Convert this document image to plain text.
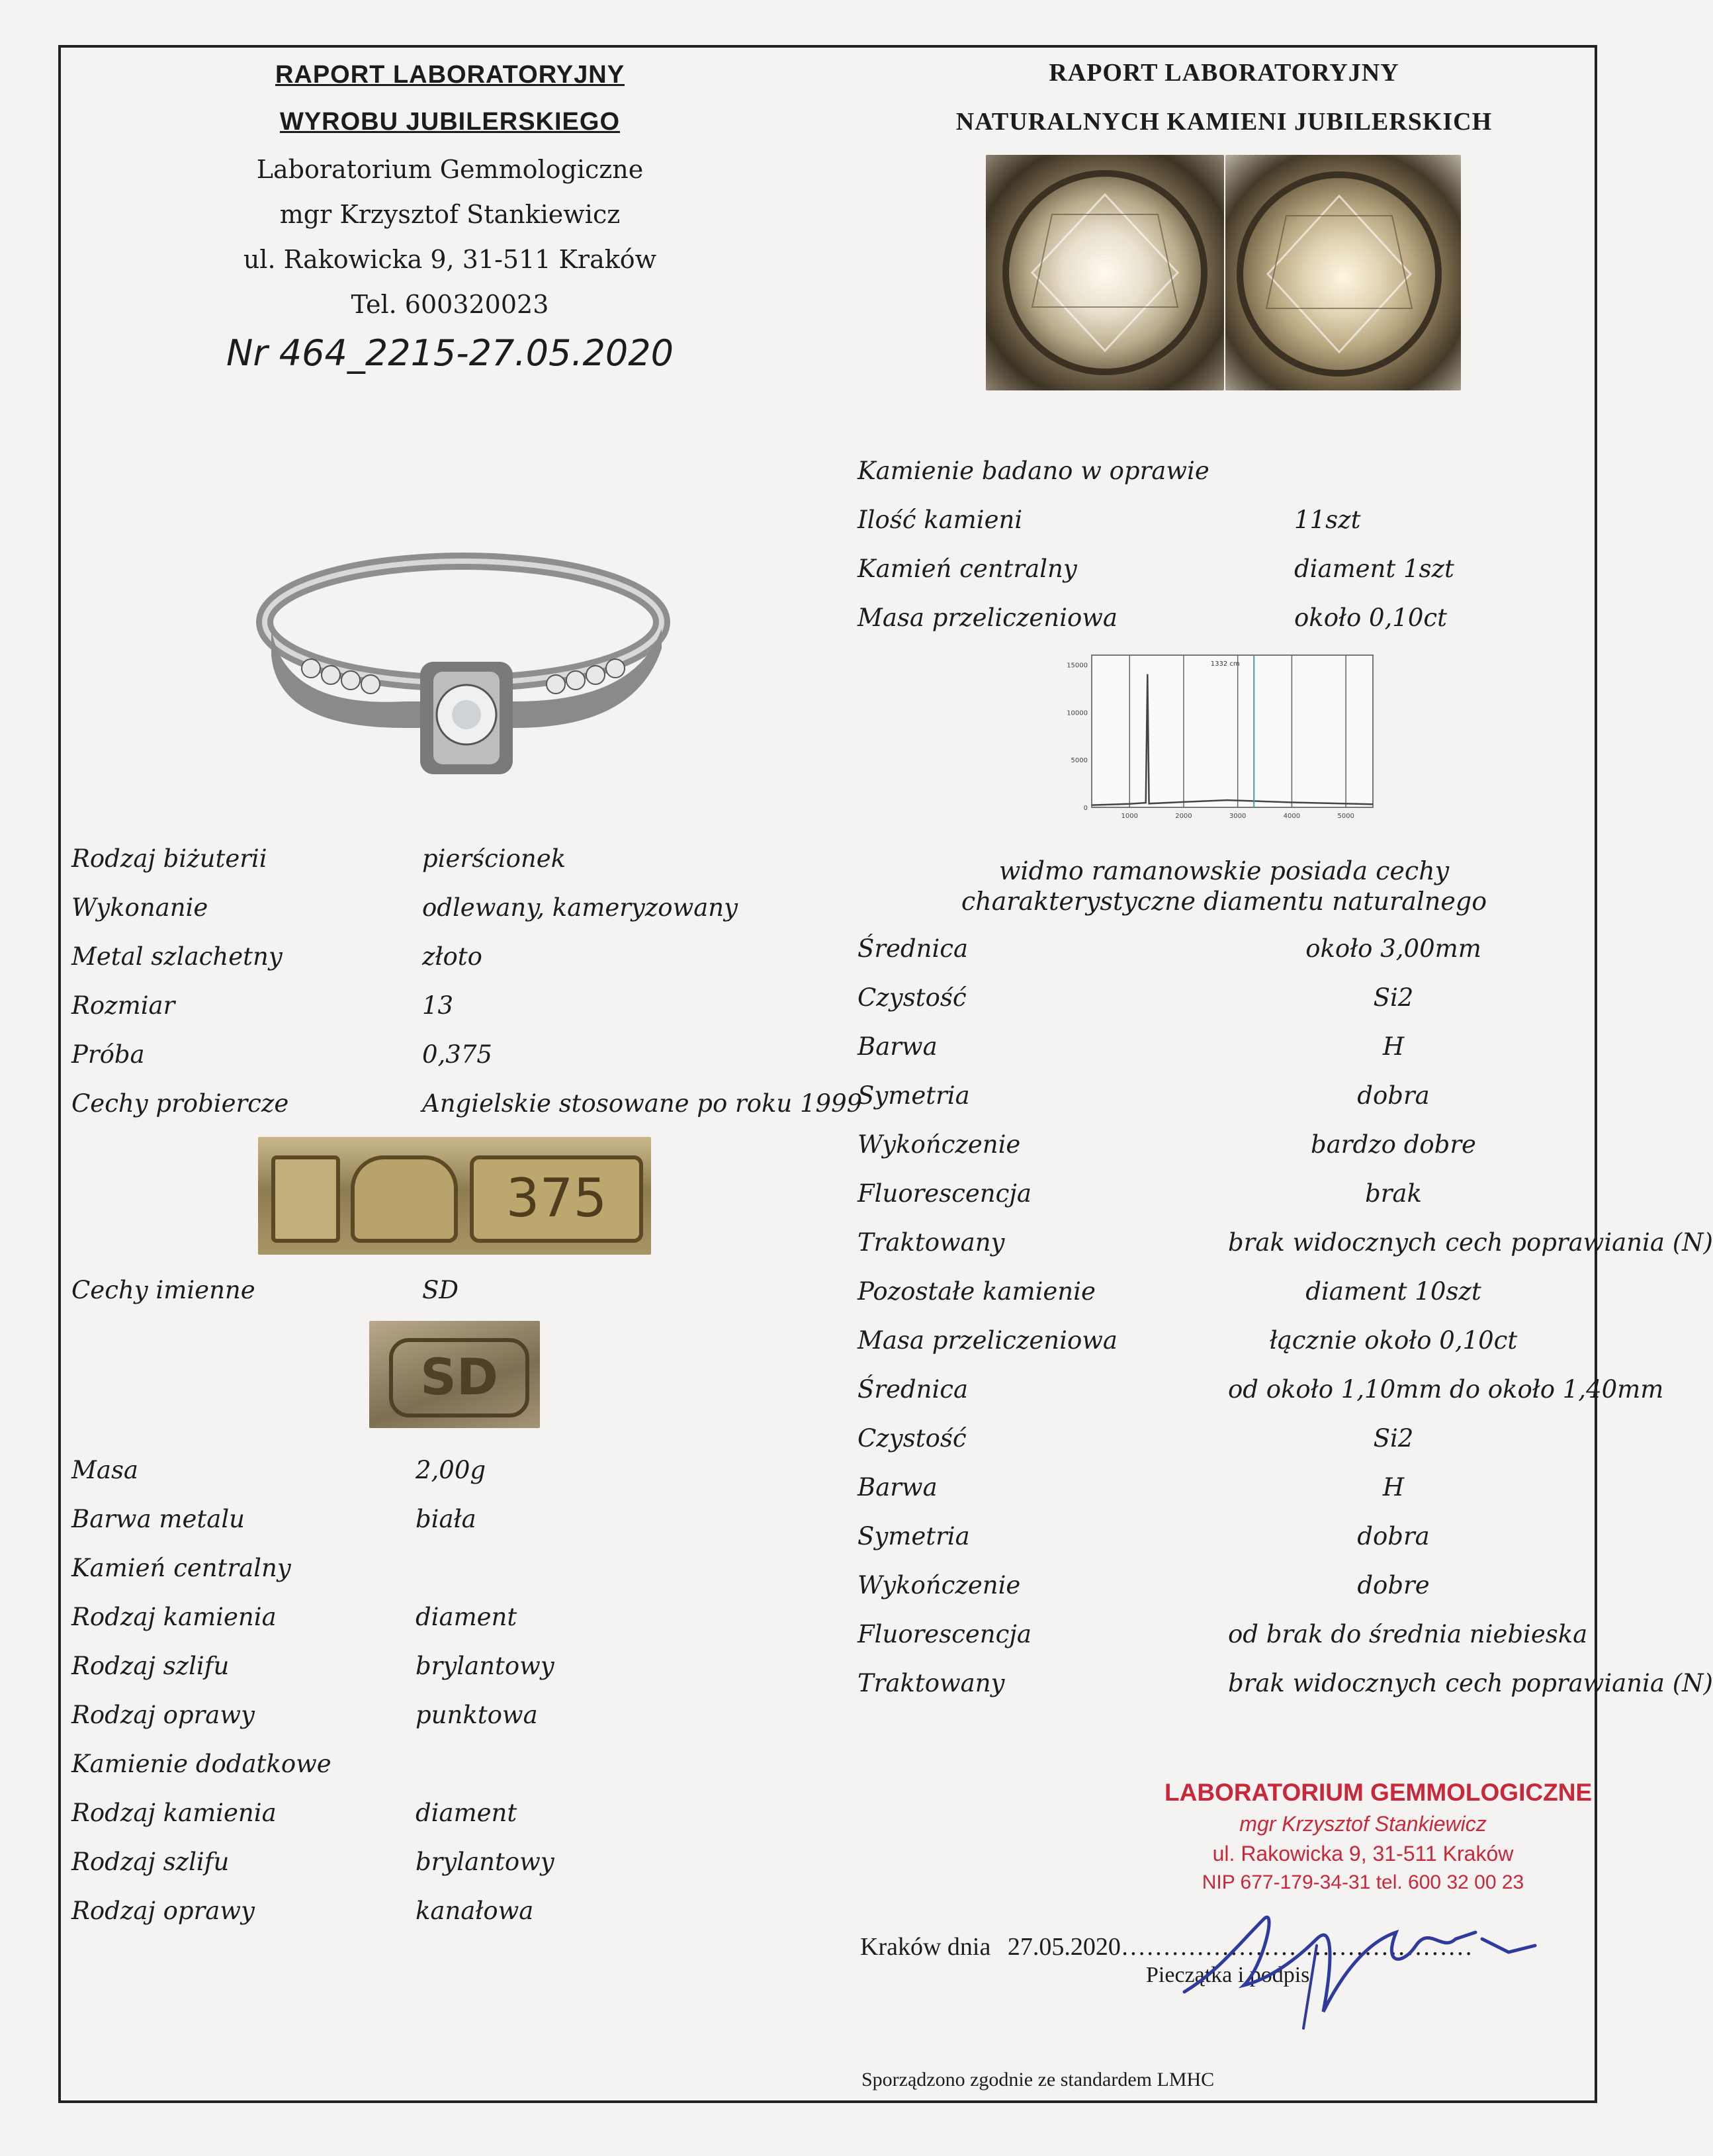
RAPORT LABORATORYJNY
WYROBU JUBILERSKIEGO
Laboratorium Gemmologiczne
mgr Krzysztof Stankiewicz
ul. Rakowicka 9, 31-511 Kraków
Tel. 600320023
Nr 464_2215-27.05.2020
Rodzaj biżuterii	pierścionek
Wykonanie	odlewany, kameryzowany
Metal szlachetny	złoto
Rozmiar	13
Próba	0,375
Cechy probiercze	Angielskie stosowane po roku 1999
375
Cechy imienne	SD
SD
Masa	2,00g
Barwa metalu	biała
Kamień centralny
Rodzaj kamienia	diament
Rodzaj szlifu	brylantowy
Rodzaj oprawy	punktowa
Kamienie dodatkowe
Rodzaj kamienia	diament
Rodzaj szlifu	brylantowy
Rodzaj oprawy	kanałowa
RAPORT LABORATORYJNY
NATURALNYCH KAMIENI JUBILERSKICH
Kamienie badano w oprawie
Ilość kamieni	11szt
Kamień centralny	diament 1szt
Masa przeliczeniowa	około 0,10ct
1332 cm
15000
10000
5000
0
1000	2000	3000	4000	5000
widmo ramanowskie posiada cechy
charakterystyczne diamentu naturalnego
Średnica	około 3,00mm
Czystość	Si2
Barwa	H
Symetria	dobra
Wykończenie	bardzo dobre
Fluorescencja	brak
Traktowany	brak widocznych cech poprawiania (N)
Pozostałe kamienie	diament 10szt
Masa przeliczeniowa	łącznie około 0,10ct
Średnica	od około 1,10mm do około 1,40mm
Czystość	Si2
Barwa	H
Symetria	dobra
Wykończenie	dobre
Fluorescencja	od brak do średnia niebieska
Traktowany	brak widocznych cech poprawiania (N)
LABORATORIUM GEMMOLOGICZNE
mgr Krzysztof Stankiewicz
ul. Rakowicka 9, 31-511 Kraków
NIP 677-179-34-31 tel. 600 32 00 23
Kraków dnia 27.05.2020……………………………………
Pieczątka i podpis
Sporządzono zgodnie ze standardem LMHC
